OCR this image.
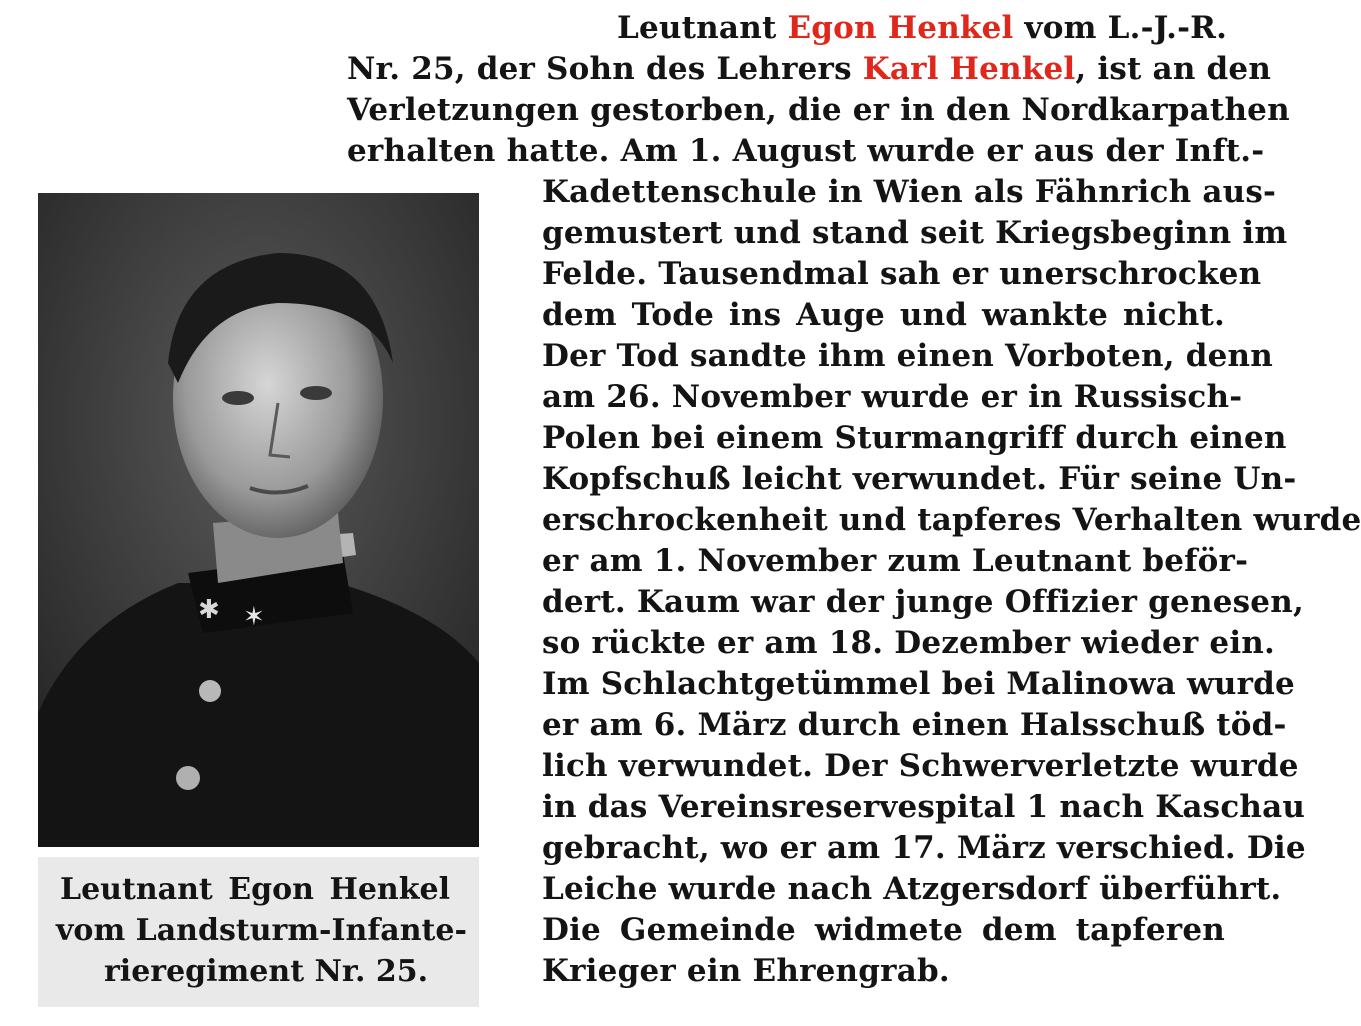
Leutnant Egon Henkel vom L.-J.-R.

Nr. 25, der Sohn des Lehrers Karl Henkel, ist an den

Verletzungen gestorben, die er in den Nordkarpathen

erhalten hatte. Am 1. August wurde er aus der Inft.-

Kadettenschule in Wien als Fähnrich aus-

gemustert und stand seit Kriegsbeginn im

Felde. Tausendmal sah er unerschrocken

dem Tode ins Auge und wankte nicht.

Der Tod sandte ihm einen Vorboten, denn

am 26. November wurde er in Russisch-

Polen bei einem Sturmangriff durch einen

Kopfschuß leicht verwundet. Für seine Un-

erschrockenheit und tapferes Verhalten wurde

er am 1. November zum Leutnant beför-

dert. Kaum war der junge Offizier genesen,

so rückte er am 18. Dezember wieder ein.

Im Schlachtgetümmel bei Malinowa wurde

er am 6. März durch einen Halsschuß töd-

lich verwundet. Der Schwerverletzte wurde

in das Vereinsreservespital 1 nach Kaschau

gebracht, wo er am 17. März verschied. Die

Leiche wurde nach Atzgersdorf überführt.

Die Gemeinde widmete dem tapferen

Krieger ein Ehrengrab.

✱ ✶

Leutnant Egon Henkel

vom Landsturm-Infante-

rieregiment Nr. 25.
